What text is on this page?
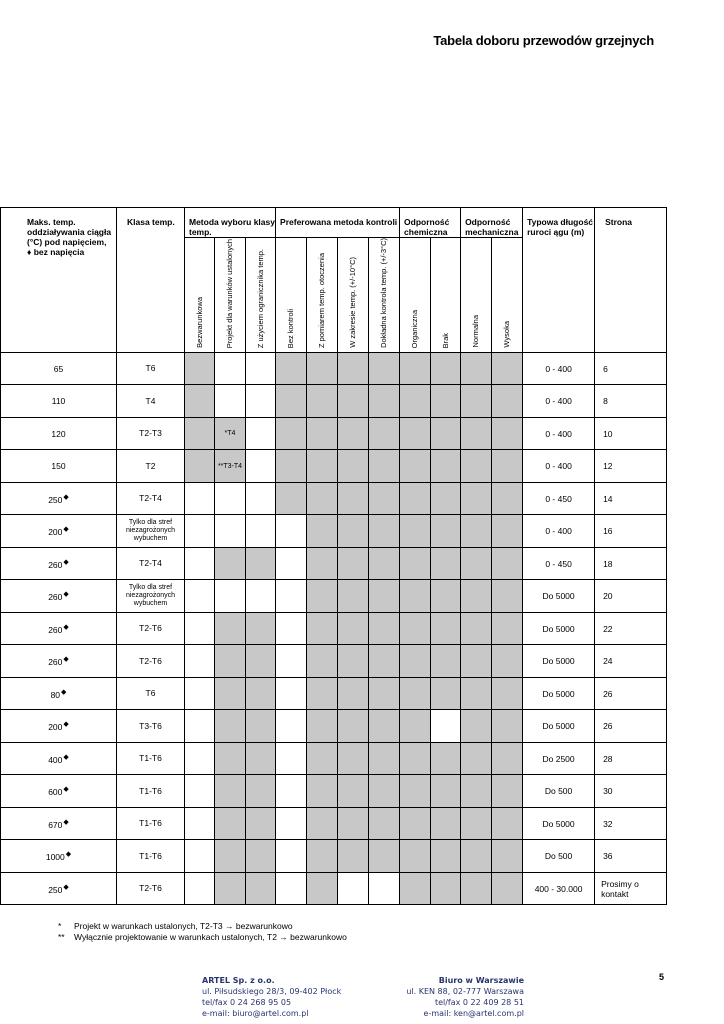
Tabela doboru przewodów grzejnych
Maks. temp. oddziaływania ciągła (°C) pod napięciem,
♦ bez napięcia	Klasa temp.	Metoda wyboru klasy temp.			Preferowana metoda kontroli				Odporność chemiczna		Odporność mechaniczna		Typowa długość ruroci ągu (m)	Strona

		Bezwarunkowa	Projekt dla warunków ustalonych	Z użyciem ogranicznika temp.	Bez kontroli	Z pomiarem temp. otoczenia	W zakresie temp. (+/-10°C)	Dokładna kontrola temp. (+/-3°C)	Organiczna	Brak	Normalna	Wysoka		

65	T6												0 - 400	6
110	T4												0 - 400	8
120	T2-T3		*T4										0 - 400	10
150	T2		**T3-T4										0 - 400	12
250◆	T2-T4												0 - 450	14
200◆	Tylko dla stref niezagrożonych wybuchem												0 - 400	16
260◆	T2-T4												0 - 450	18
260◆	Tylko dla stref niezagrożonych wybuchem												Do 5000	20
260◆	T2-T6												Do 5000	22
260◆	T2-T6												Do 5000	24
80◆	T6												Do 5000	26
200◆	T3-T6												Do 5000	26
400◆	T1-T6												Do 2500	28
600◆	T1-T6												Do 500	30
670◆	T1-T6												Do 5000	32
1000◆	T1-T6												Do 500	36
250◆	T2-T6												400 - 30.000	Prosimy o kontakt
*	Projekt w warunkach ustalonych, T2-T3 → bezwarunkowo
**	Wyłącznie projektowanie w warunkach ustalonych, T2 → bezwarunkowo
ARTEL Sp. z o.o.
ul. Piłsudskiego 28/3, 09-402 Płock
tel/fax 0 24 268 95 05
e-mail: biuro@artel.com.pl
Biuro w Warszawie
ul. KEN 88, 02-777 Warszawa
tel/fax 0 22 409 28 51
e-mail: ken@artel.com.pl
5
